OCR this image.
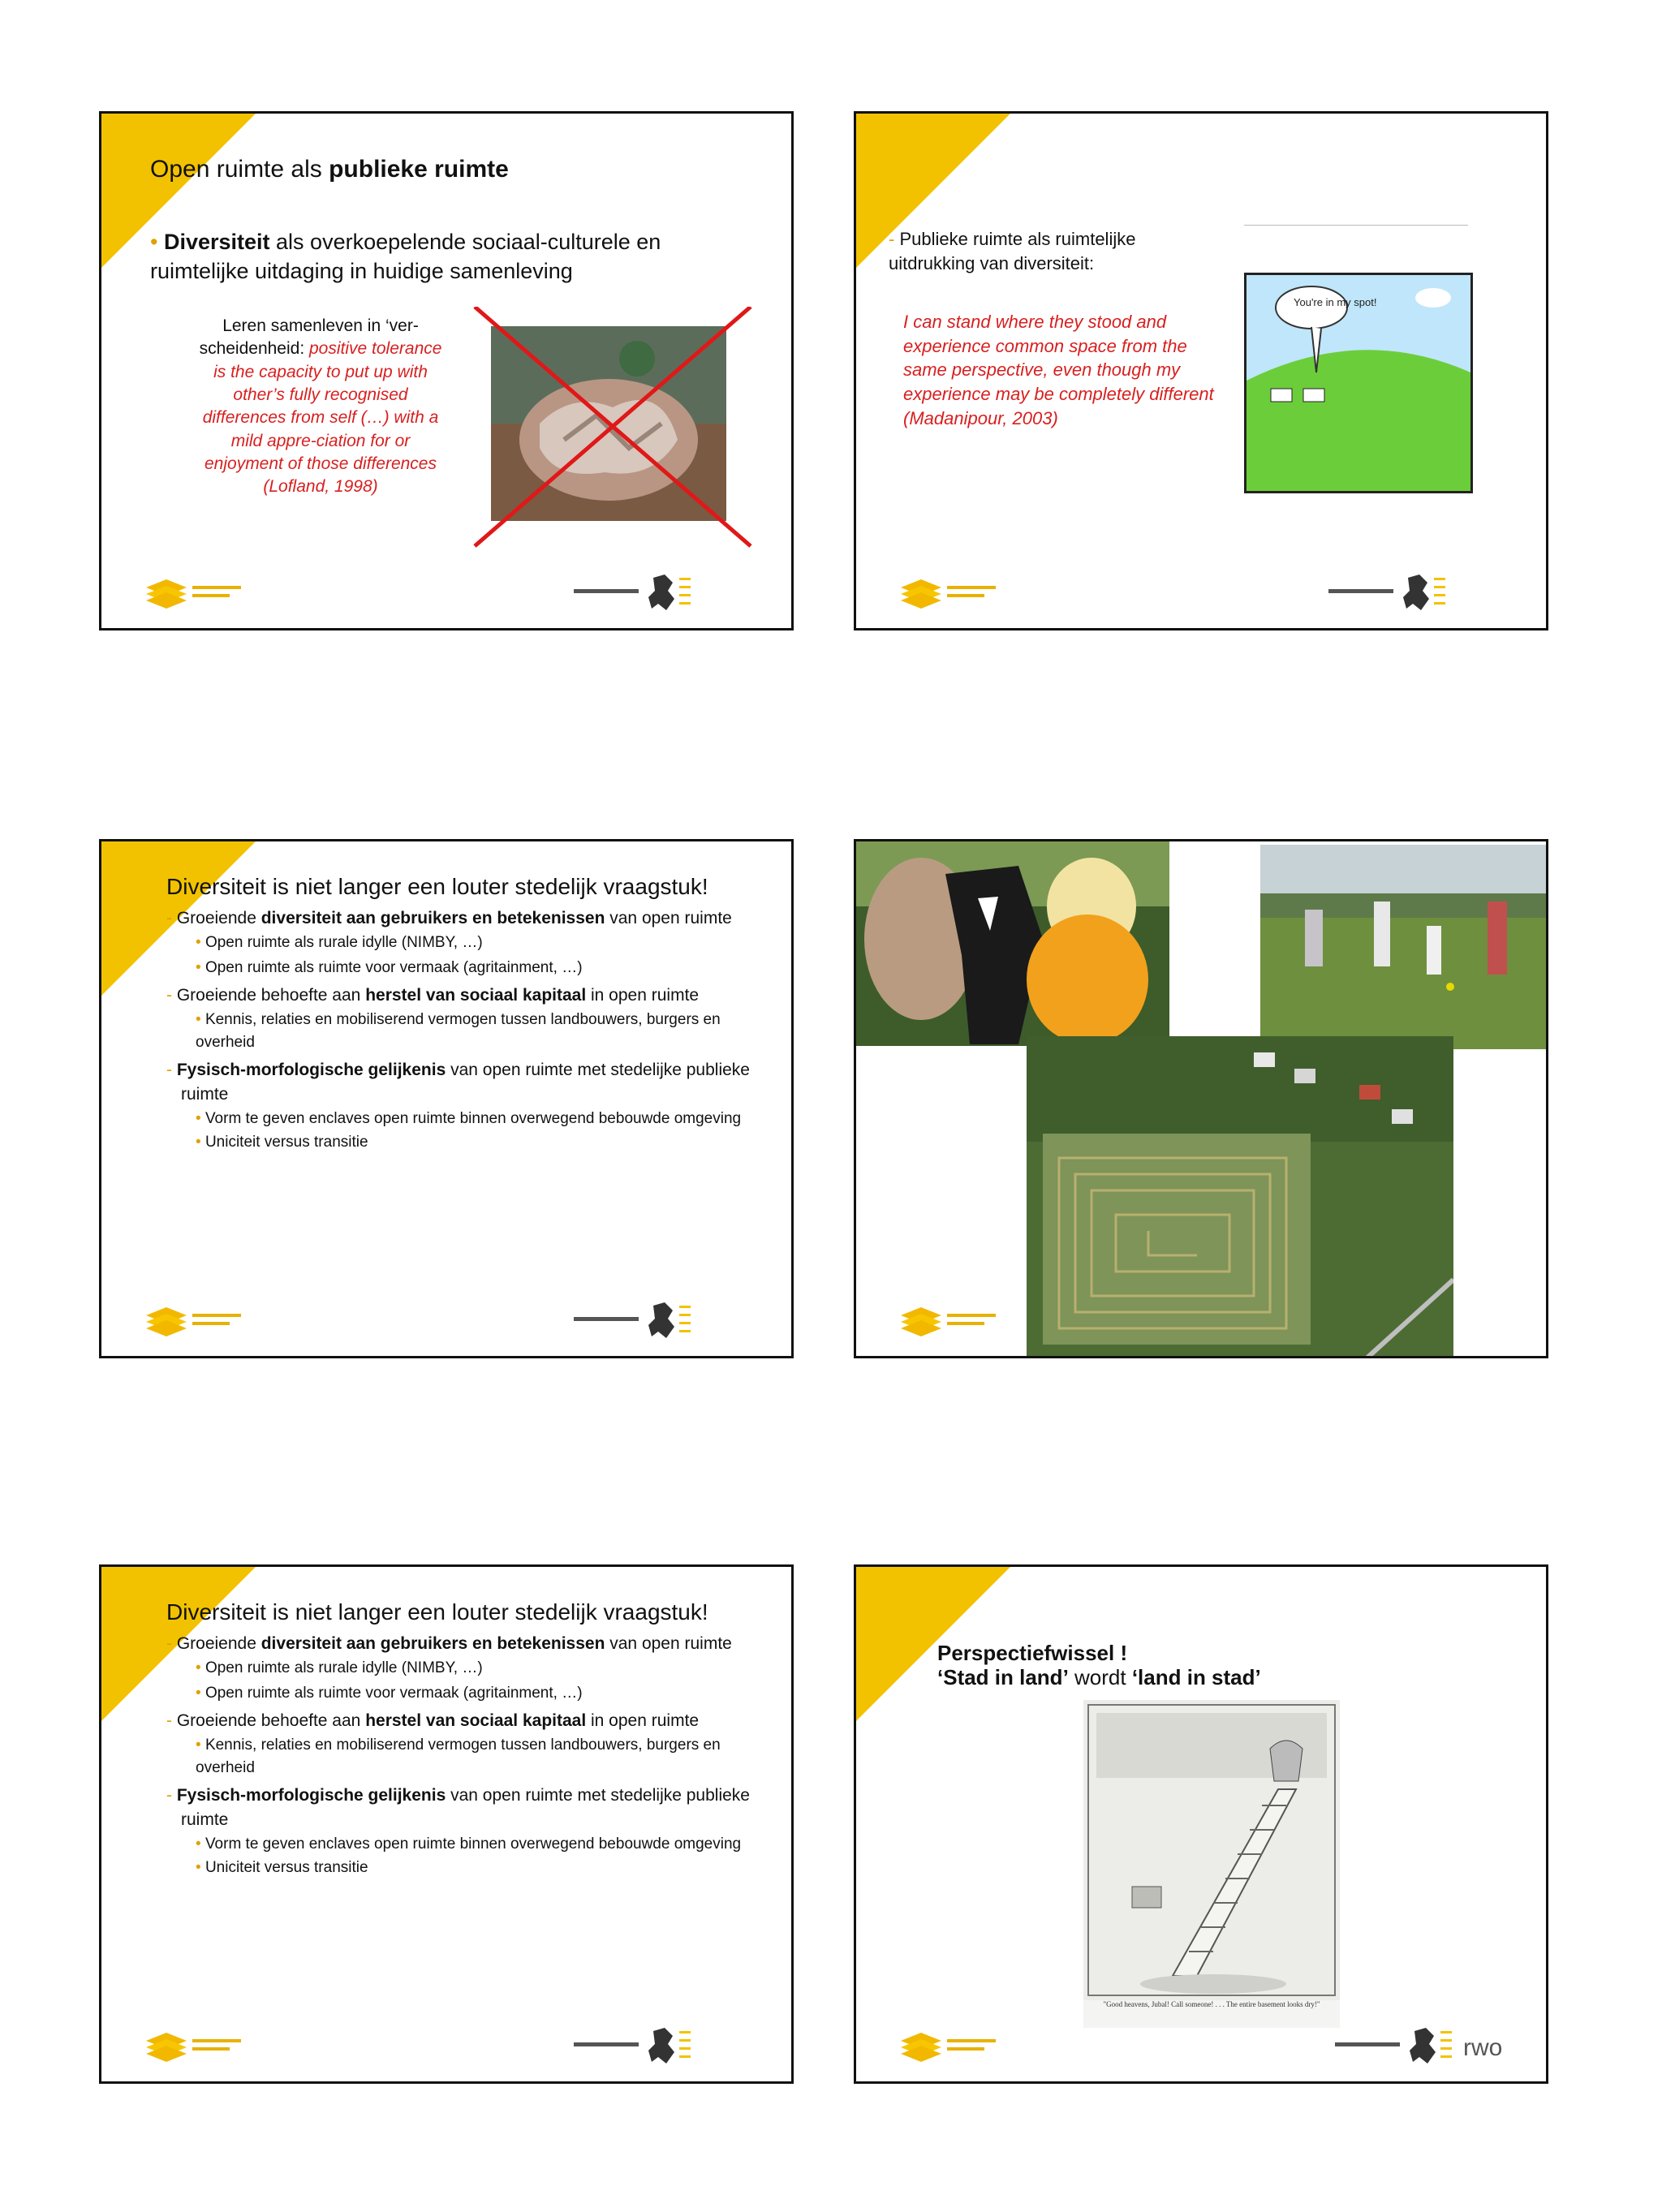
Open ruimte als publieke ruimte
• Diversiteit als overkoepelende sociaal-culturele en ruimtelijke uitdaging in huidige samenleving
Leren samenleven in ‘ver-scheidenheid: positive tolerance is the capacity to put up with other’s fully recognised differences from self (…) with a mild appre-ciation for or enjoyment of those differences (Lofland, 1998)
- Publieke ruimte als ruimtelijke uitdrukking van diversiteit:
I can stand where they stood and experience common space from the same perspective, even though my experience may be completely different (Madanipour, 2003)
You're in my spot!
Diversiteit is niet langer een louter stedelijk vraagstuk!
- Groeiende diversiteit aan gebruikers en betekenissen van open ruimte
• Open ruimte als rurale idylle (NIMBY, …)
• Open ruimte als ruimte voor vermaak (agritainment, …)
- Groeiende behoefte aan herstel van sociaal kapitaal in open ruimte
• Kennis, relaties en mobiliserend vermogen tussen landbouwers, burgers en overheid
- Fysisch-morfologische gelijkenis van open ruimte met stedelijke publieke ruimte
• Vorm te geven enclaves open ruimte binnen overwegend bebouwde omgeving
• Uniciteit versus transitie
Diversiteit is niet langer een louter stedelijk vraagstuk!
- Groeiende diversiteit aan gebruikers en betekenissen van open ruimte
• Open ruimte als rurale idylle (NIMBY, …)
• Open ruimte als ruimte voor vermaak (agritainment, …)
- Groeiende behoefte aan herstel van sociaal kapitaal in open ruimte
• Kennis, relaties en mobiliserend vermogen tussen landbouwers, burgers en overheid
- Fysisch-morfologische gelijkenis van open ruimte met stedelijke publieke ruimte
• Vorm te geven enclaves open ruimte binnen overwegend bebouwde omgeving
• Uniciteit versus transitie
Perspectiefwissel !
‘Stad in land’ wordt ‘land in stad’
"Good heavens, Jubal! Call someone! . . . The entire basement looks dry!"
rwo
